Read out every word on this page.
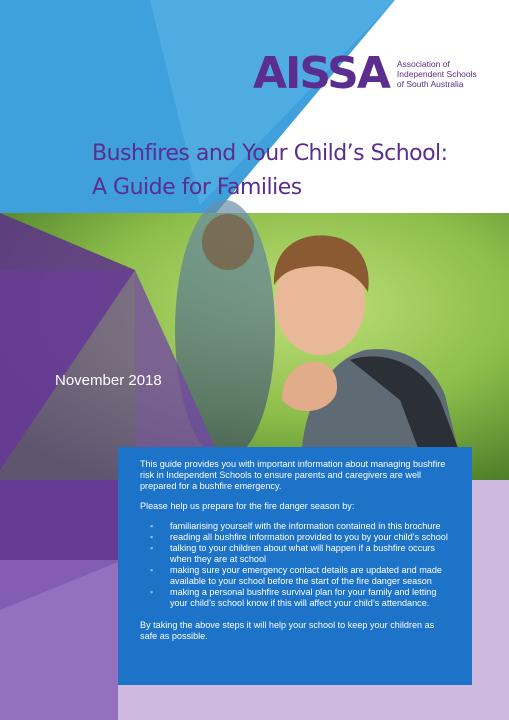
AISSA Association of
Independent Schools
of South Australia
Bushfires and Your Child’s School:
A Guide for Families
November 2018

This guide provides you with important information about managing bushfire risk in Independent Schools to ensure parents and caregivers are well prepared for a bushfire emergency.

Please help us prepare for the fire danger season by:

▪ familiarising yourself with the information contained in this brochure
▪ reading all bushfire information provided to you by your child’s school
▪ talking to your children about what will happen if a bushfire occurs when they are at school
▪ making sure your emergency contact details are updated and made available to your school before the start of the fire danger season
▪ making a personal bushfire survival plan for your family and letting your child’s school know if this will affect your child’s attendance.

By taking the above steps it will help your school to keep your children as safe as possible.
